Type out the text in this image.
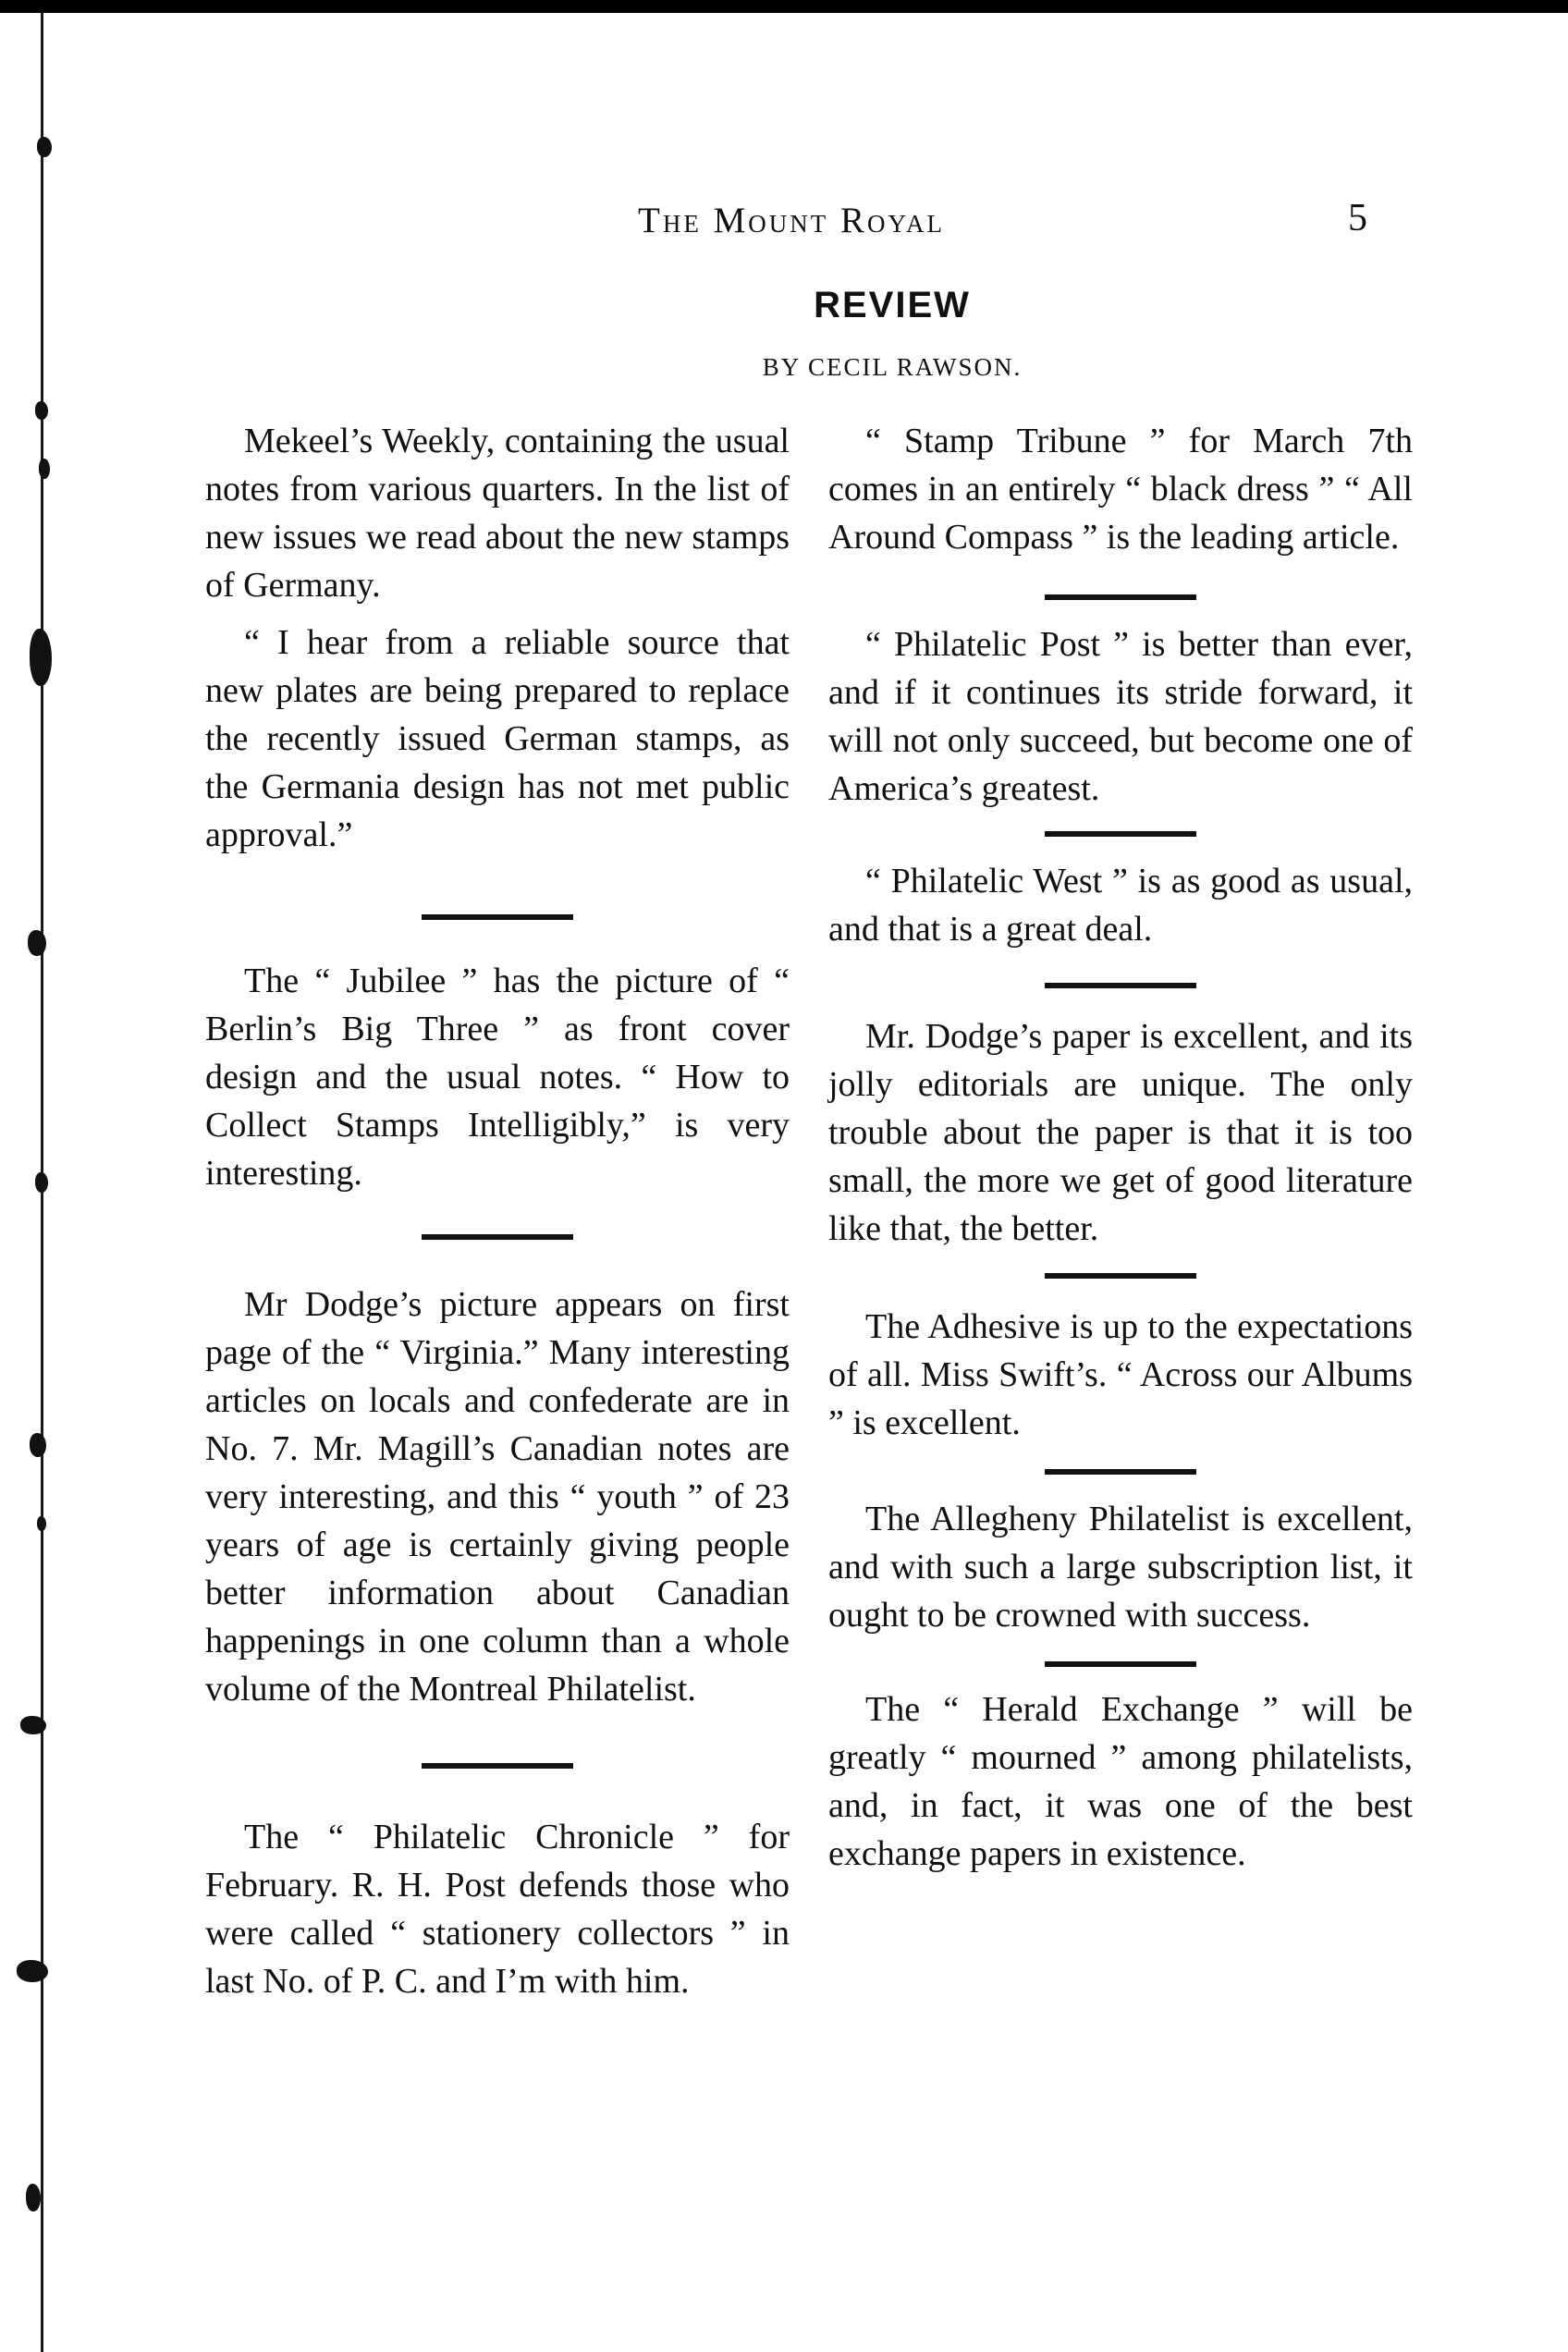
The Mount Royal	5
REVIEW
BY CECIL RAWSON.

Mekeel’s Weekly, containing the usual notes from various quarters. In the list of new issues we read about the new stamps of Germany.

“ I hear from a reliable source that new plates are being prepared to replace the recently issued German stamps, as the Germania design has not met public approval.”

The “ Jubilee ” has the picture of “ Berlin’s Big Three ” as front cover design and the usual notes. “ How to Collect Stamps Intelligibly,” is very interesting.

Mr Dodge’s picture appears on first page of the “ Virginia.” Many interesting articles on locals and confederate are in No. 7. Mr. Magill’s Canadian notes are very interesting, and this “ youth ” of 23 years of age is certainly giving people better information about Canadian happenings in one column than a whole volume of the Montreal Philatelist.

The “ Philatelic Chronicle ” for February. R. H. Post defends those who were called “ stationery collectors ” in last No. of P. C. and I’m with him.

“ Stamp Tribune ” for March 7th comes in an entirely “ black dress ” “ All Around Compass ” is the leading article.

“ Philatelic Post ” is better than ever, and if it continues its stride forward, it will not only succeed, but become one of America’s greatest.

“ Philatelic West ” is as good as usual, and that is a great deal.

Mr. Dodge’s paper is excellent, and its jolly editorials are unique. The only trouble about the paper is that it is too small, the more we get of good literature like that, the better.

The Adhesive is up to the expectations of all. Miss Swift’s. “ Across our Albums ” is excellent.

The Allegheny Philatelist is excellent, and with such a large subscription list, it ought to be crowned with success.

The “ Herald Exchange ” will be greatly “ mourned ” among philatelists, and, in fact, it was one of the best exchange papers in existence.
